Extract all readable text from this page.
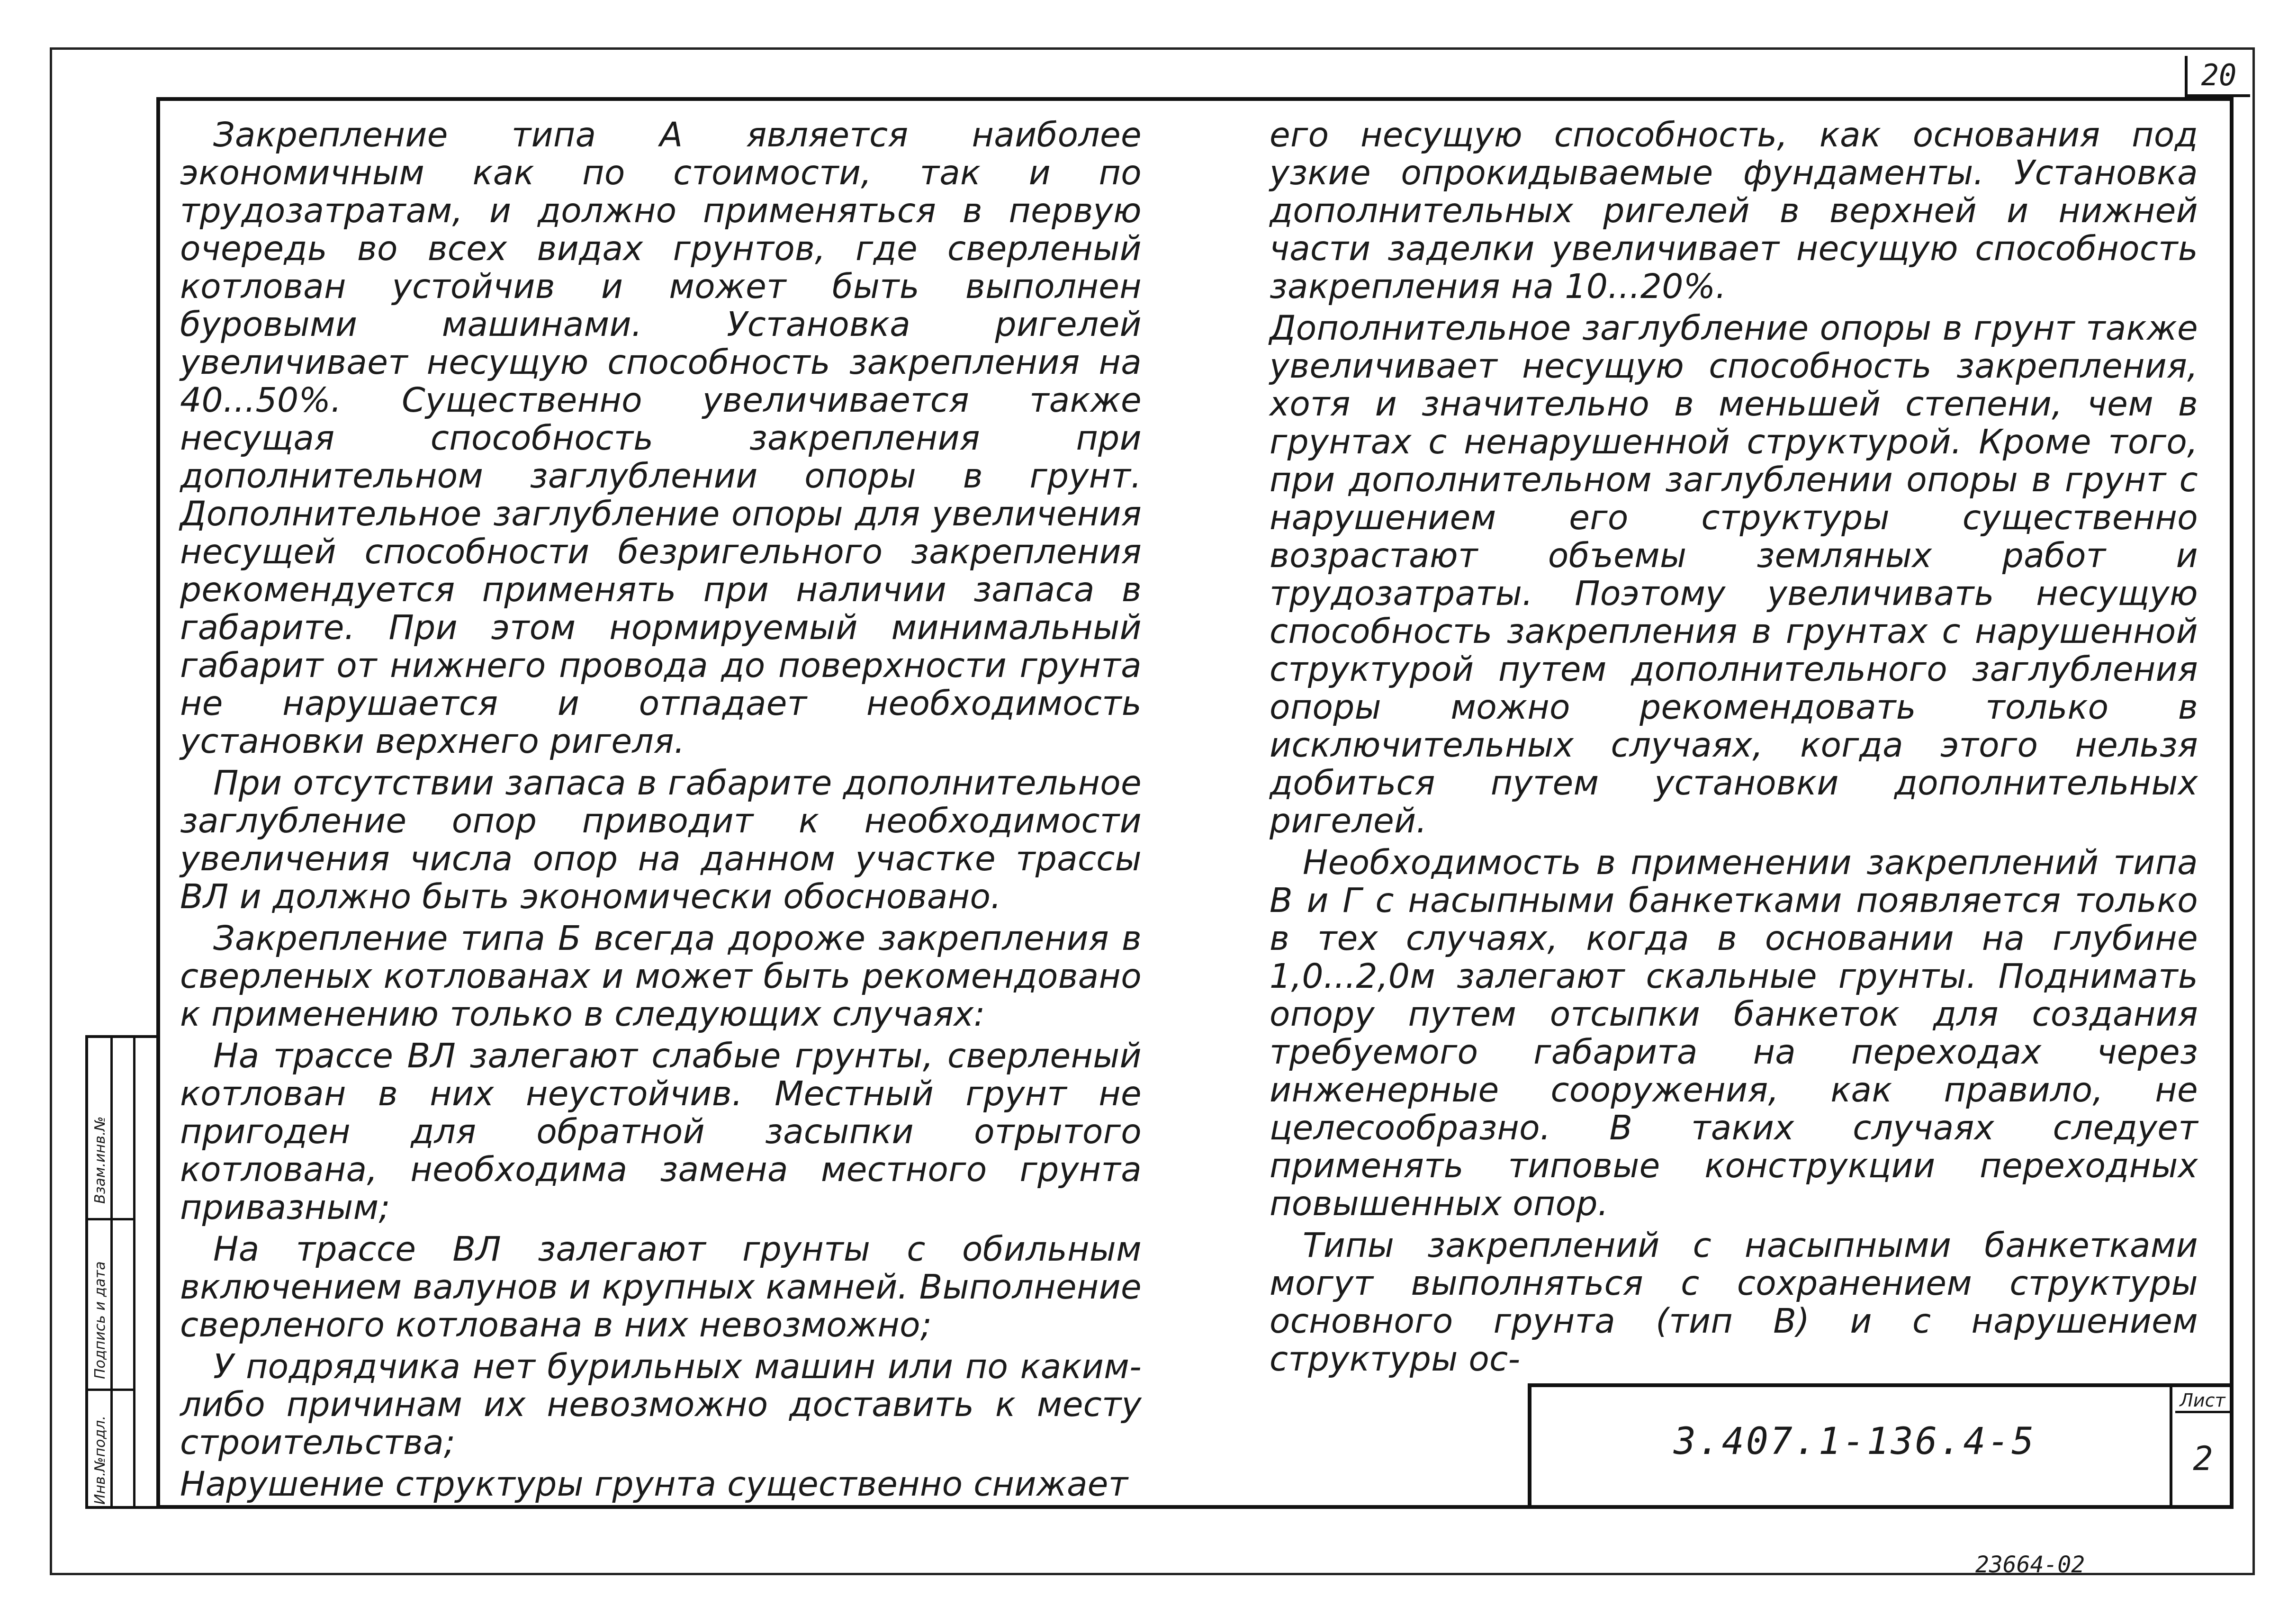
20
Инв.№подл.
Подпись и дата
Взам.инв.№

Закрепление типа А является наиболее экономичным как по стоимости, так и по трудозатратам, и должно применяться в первую очередь во всех видах грунтов, где сверленый котлован устойчив и может быть выполнен буровыми машинами. Установка ригелей увеличивает несущую способность закрепления на 40...50%. Существенно увеличивается также несущая способность закрепления при дополнительном заглублении опоры в грунт. Дополнительное заглубление опоры для увеличения несущей способности безригельного закрепления рекомендуется применять при наличии запаса в габарите. При этом нормируемый минимальный габарит от нижнего провода до поверхности грунта не нарушается и отпадает необходимость установки верхнего ригеля.

При отсутствии запаса в габарите дополнительное заглубление опор приводит к необходимости увеличения числа опор на данном участке трассы ВЛ и должно быть экономически обосновано.

Закрепление типа Б всегда дороже закрепления в сверленых котлованах и может быть рекомендовано к применению только в следующих случаях:

На трассе ВЛ залегают слабые грунты, сверленый котлован в них неустойчив. Местный грунт не пригоден для обратной засыпки отрытого котлована, необходима замена местного грунта привазным;

На трассе ВЛ залегают грунты с обильным включением валунов и крупных камней. Выполнение сверленого котлована в них невозможно;

У подрядчика нет бурильных машин или по каким-либо причинам их невозможно доставить к месту строительства;

Нарушение структуры грунта существенно снижает

его несущую способность, как основания под узкие опрокидываемые фундаменты. Установка дополнительных ригелей в верхней и нижней части заделки увеличивает несущую способность закрепления на 10...20%.

Дополнительное заглубление опоры в грунт также увеличивает несущую способность закрепления, хотя и значительно в меньшей степени, чем в грунтах с ненарушенной структурой. Кроме того, при дополнительном заглублении опоры в грунт с нарушением его структуры существенно возрастают объемы земляных работ и трудозатраты. Поэтому увеличивать несущую способность закрепления в грунтах с нарушенной структурой путем дополнительного заглубления опоры можно рекомендовать только в исключительных случаях, когда этого нельзя добиться путем установки дополнительных ригелей.

Необходимость в применении закреплений типа В и Г с насыпными банкетками появляется только в тех случаях, когда в основании на глубине 1,0...2,0м залегают скальные грунты. Поднимать опору путем отсыпки банкеток для создания требуемого габарита на переходах через инженерные сооружения, как правило, не целесообразно. В таких случаях следует применять типовые конструкции переходных повышенных опор.

Типы закреплений с насыпными банкетками могут выполняться с сохранением структуры основного грунта (тип В) и с нарушением структуры ос-

3.407.1-136.4-5
Лист
2
23664-02
